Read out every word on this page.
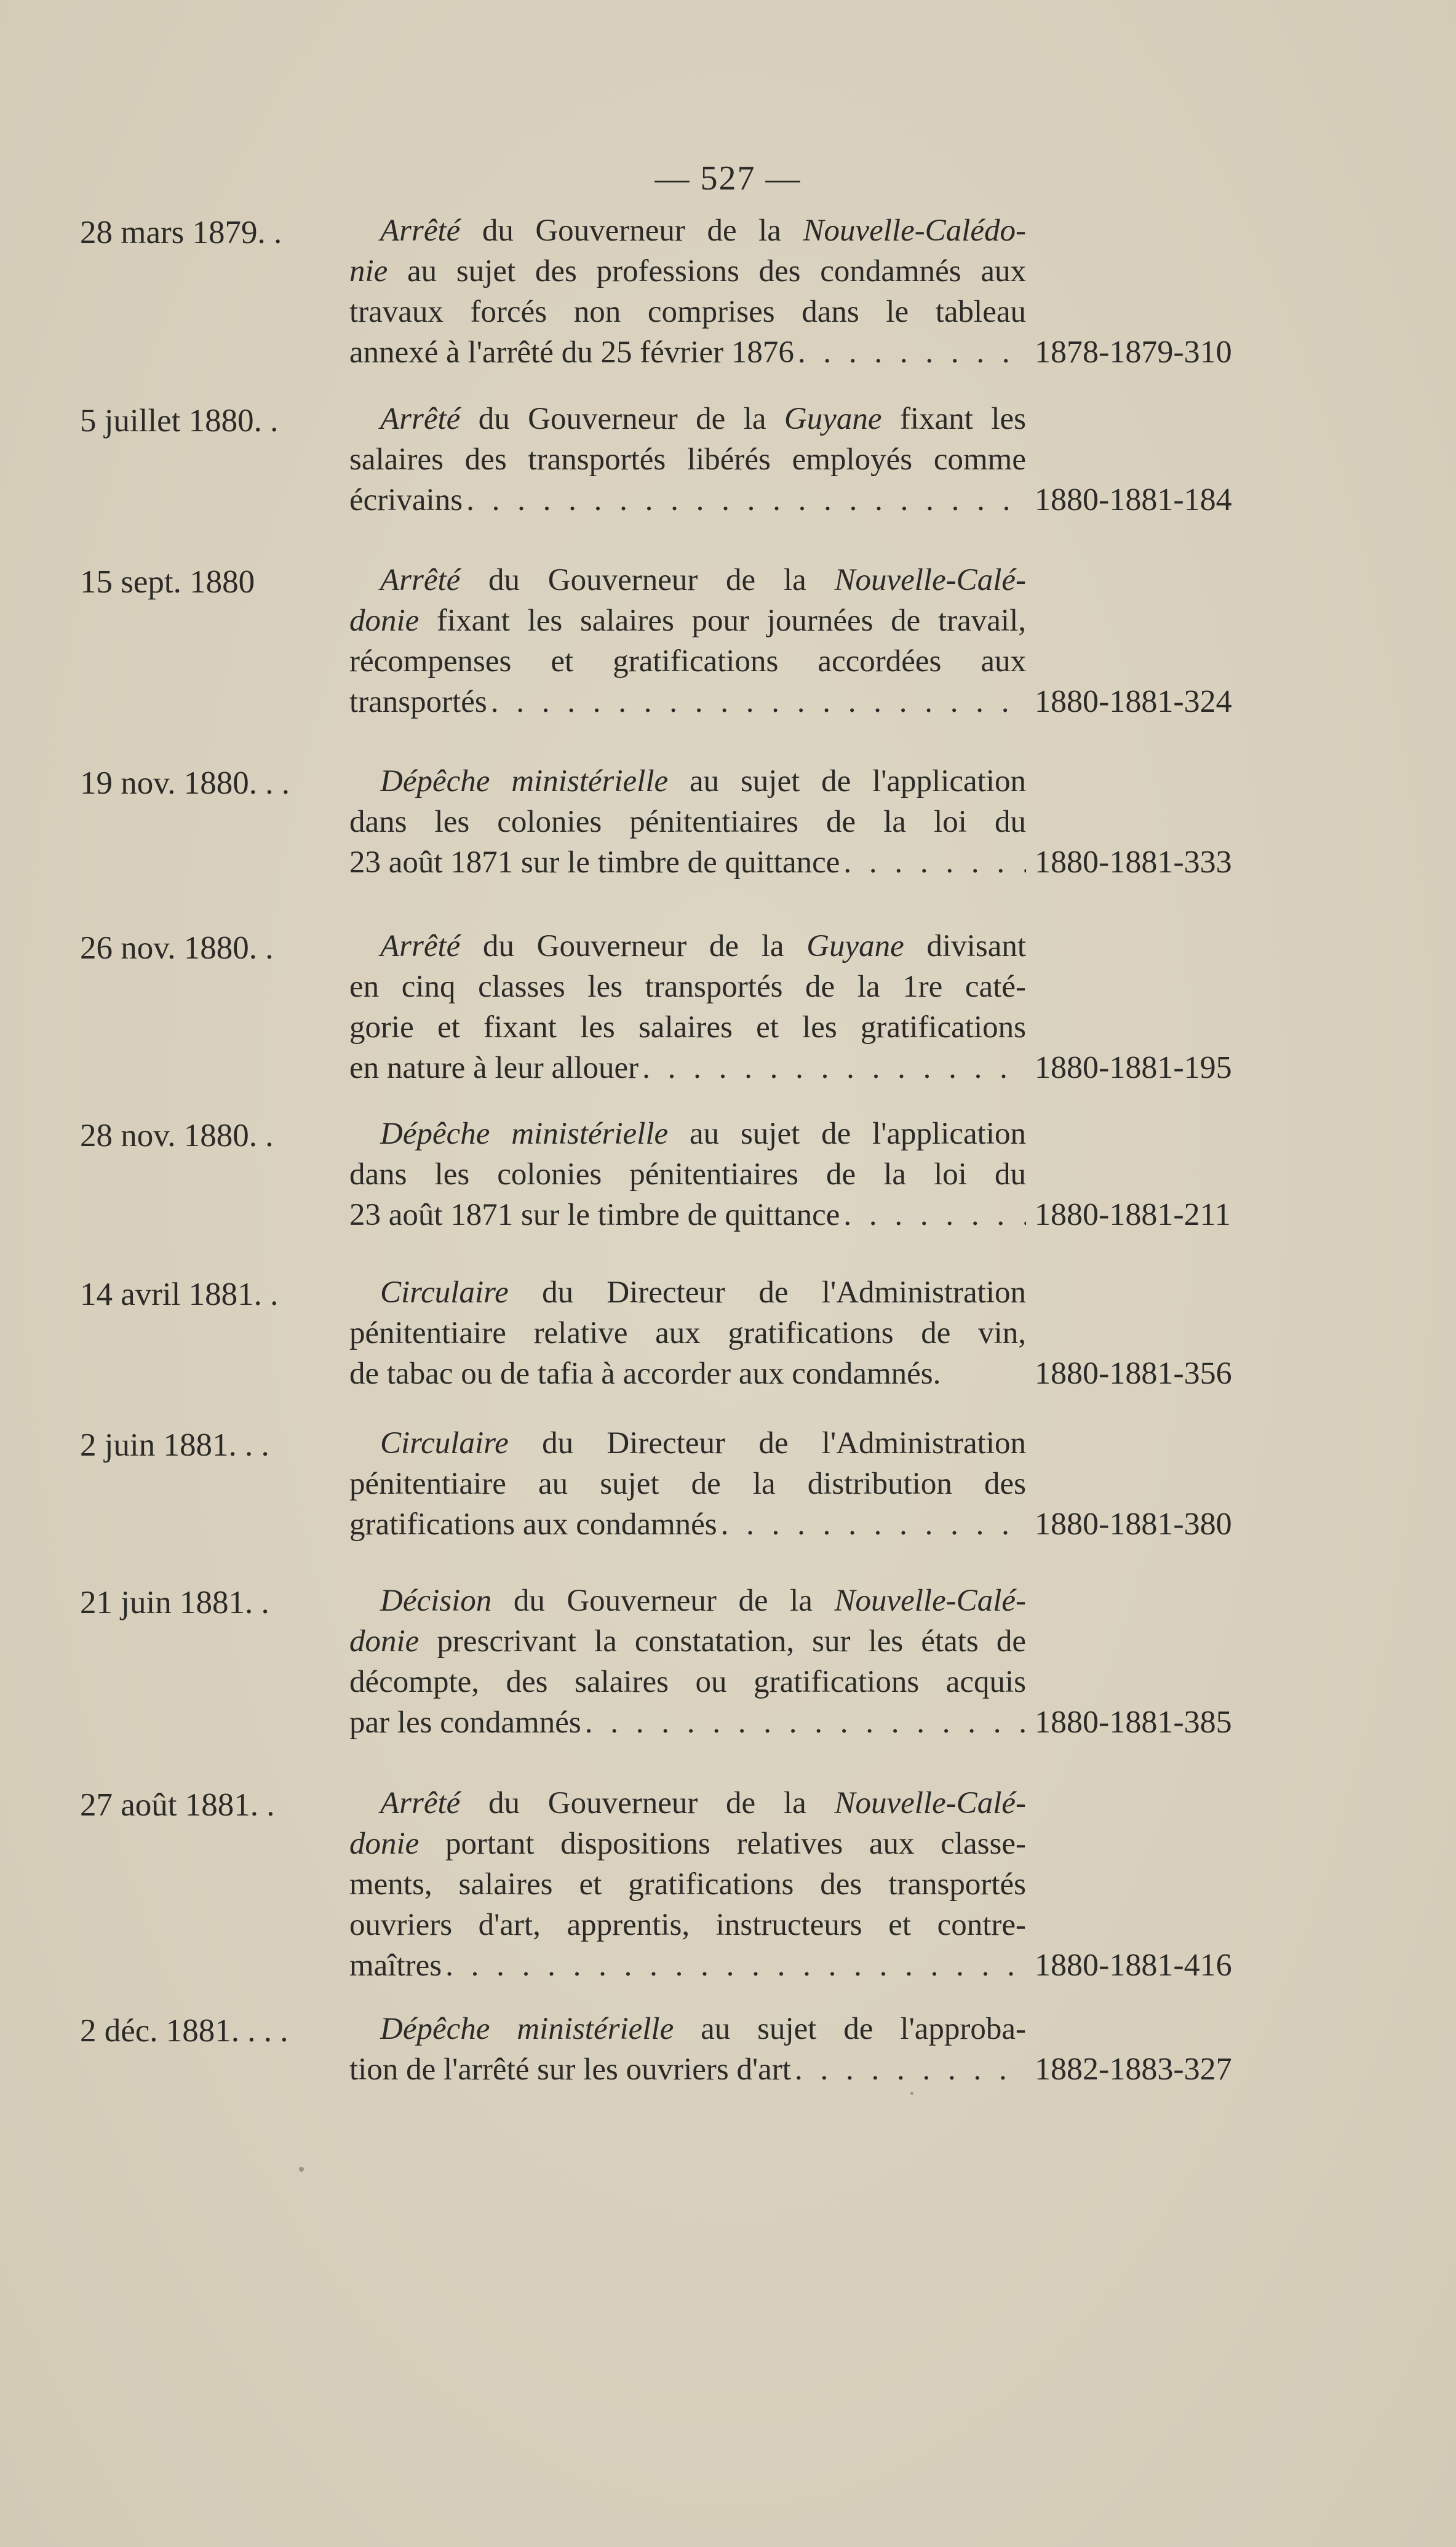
— 527 —
28 mars 1879. .	Arrêté du Gouverneur de la Nouvelle-Calédo-
nie au sujet des professions des condamnés aux
travaux forcés non comprises dans le tableau
annexé à l'arrêté du 25 février 1876 . . .	1878-1879-310
5 juillet 1880. .	Arrêté du Gouverneur de la Guyane fixant les
salaires des transportés libérés employés comme
écrivains . . .	1880-1881-184
15 sept. 1880	Arrêté du Gouverneur de la Nouvelle-Calé-
donie fixant les salaires pour journées de travail,
récompenses et gratifications accordées aux
transportés . . .	1880-1881-324
19 nov. 1880. . .	Dépêche ministérielle au sujet de l'application
dans les colonies pénitentiaires de la loi du
23 août 1871 sur le timbre de quittance . . .	1880-1881-333
26 nov. 1880. .	Arrêté du Gouverneur de la Guyane divisant
en cinq classes les transportés de la 1re caté-
gorie et fixant les salaires et les gratifications
en nature à leur allouer . . .	1880-1881-195
28 nov. 1880. .	Dépêche ministérielle au sujet de l'application
dans les colonies pénitentiaires de la loi du
23 août 1871 sur le timbre de quittance . . .	1880-1881-211
14 avril 1881. .	Circulaire du Directeur de l'Administration
pénitentiaire relative aux gratifications de vin,
de tabac ou de tafia à accorder aux condamnés.	1880-1881-356
2 juin 1881. . .	Circulaire du Directeur de l'Administration
pénitentiaire au sujet de la distribution des
gratifications aux condamnés . . .	1880-1881-380
21 juin 1881. .	Décision du Gouverneur de la Nouvelle-Calé-
donie prescrivant la constatation, sur les états de
décompte, des salaires ou gratifications acquis
par les condamnés . . .	1880-1881-385
27 août 1881. .	Arrêté du Gouverneur de la Nouvelle-Calé-
donie portant dispositions relatives aux classe-
ments, salaires et gratifications des transportés
ouvriers d'art, apprentis, instructeurs et contre-
maîtres . . .	1880-1881-416
2 déc. 1881. . . .	Dépêche ministérielle au sujet de l'approba-
tion de l'arrêté sur les ouvriers d'art . . .	1882-1883-327
